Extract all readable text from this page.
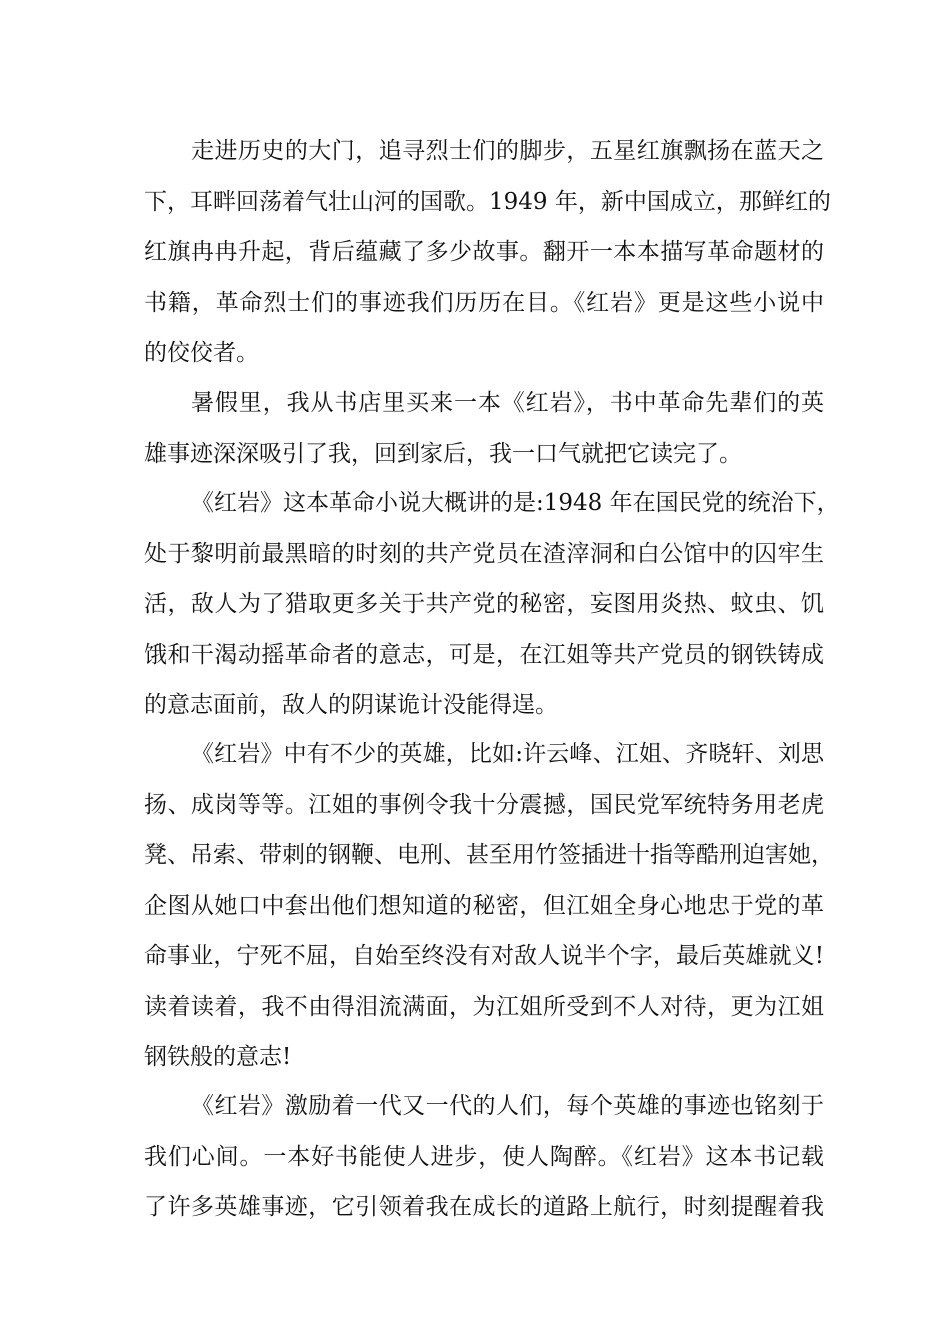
走进历史的大门，追寻烈士们的脚步，五星红旗飘扬在蓝天之
下，耳畔回荡着气壮山河的国歌。1949 年，新中国成立，那鲜红的
红旗冉冉升起，背后蕴藏了多少故事。翻开一本本描写革命题材的
书籍，革命烈士们的事迹我们历历在目。《红岩》更是这些小说中
的佼佼者。

暑假里，我从书店里买来一本《红岩》，书中革命先辈们的英
雄事迹深深吸引了我，回到家后，我一口气就把它读完了。

《红岩》这本革命小说大概讲的是:1948 年在国民党的统治下，
处于黎明前最黑暗的时刻的共产党员在渣滓洞和白公馆中的囚牢生
活，敌人为了猎取更多关于共产党的秘密，妄图用炎热、蚊虫、饥
饿和干渴动摇革命者的意志，可是，在江姐等共产党员的钢铁铸成
的意志面前，敌人的阴谋诡计没能得逞。

《红岩》中有不少的英雄，比如:许云峰、江姐、齐晓轩、刘思
扬、成岗等等。江姐的事例令我十分震撼，国民党军统特务用老虎
凳、吊索、带刺的钢鞭、电刑、甚至用竹签插进十指等酷刑迫害她，
企图从她口中套出他们想知道的秘密，但江姐全身心地忠于党的革
命事业，宁死不屈，自始至终没有对敌人说半个字，最后英雄就义!
读着读着，我不由得泪流满面，为江姐所受到不人对待，更为江姐
钢铁般的意志!

《红岩》激励着一代又一代的人们，每个英雄的事迹也铭刻于
我们心间。一本好书能使人进步，使人陶醉。《红岩》这本书记载
了许多英雄事迹，它引领着我在成长的道路上航行，时刻提醒着我
